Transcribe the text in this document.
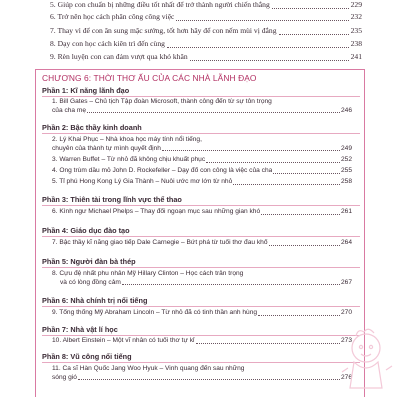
5. Giúp con chuẩn bị những điều tốt nhất để trở thành người chiến thắng	229
6. Trở nên học cách phân công công việc	232
7. Thay vì để con ăn sung mặc sướng, tốt hơn hãy để con nếm mùi vị đắng	235
8. Dạy con học cách kiên trì đến cùng	238
9. Rèn luyện con can đảm vượt qua khó khăn	241
CHƯƠNG 6: THỜI THƠ ẤU CỦA CÁC NHÀ LÃNH ĐẠO
Phần 1: Kĩ năng lãnh đạo
1. Bill Gates – Chủ tịch Tập đoàn Microsoft, thành công đến từ sự tôn trọng
của cha mẹ	246
Phần 2: Bậc thầy kinh doanh
2. Lý Khai Phục – Nhà khoa học máy tính nổi tiếng,
chuyên của thành tự mình quyết định	249
3. Warren Buffet – Từ nhỏ đã không chịu khuất phục	252
4. Ông trùm dầu mỏ John D. Rockefeller – Dạy đổ con công là việc của cha	255
5. Tỉ phú Hong Kong Lý Gia Thành – Nuôi ước mơ lớn từ nhỏ	258
Phần 3: Thiên tài trong lĩnh vực thể thao
6. Kình ngư Michael Phelps – Thay đổi ngoạn mục sau những gian khó	261
Phần 4: Giáo dục đào tạo
7. Bậc thầy kĩ năng giao tiếp Dale Carnegie – Bứt phá từ tuổi thơ đau khổ	264
Phần 5: Người đàn bà thép
8. Cựu đệ nhất phu nhân Mỹ Hillary Clinton – Học cách trân trọng
và có lòng đồng cảm	267
Phần 6: Nhà chính trị nổi tiếng
9. Tổng thống Mỹ Abraham Lincoln – Từ nhỏ đã có tinh thần anh hùng	270
Phần 7: Nhà vật lí học
10. Albert Einstein – Một vĩ nhân có tuổi thơ tự kỉ	273
Phần 8: Vũ công nổi tiếng
11. Ca sĩ Hàn Quốc Jang Woo Hyuk – Vinh quang đến sau những
sóng gió	276
